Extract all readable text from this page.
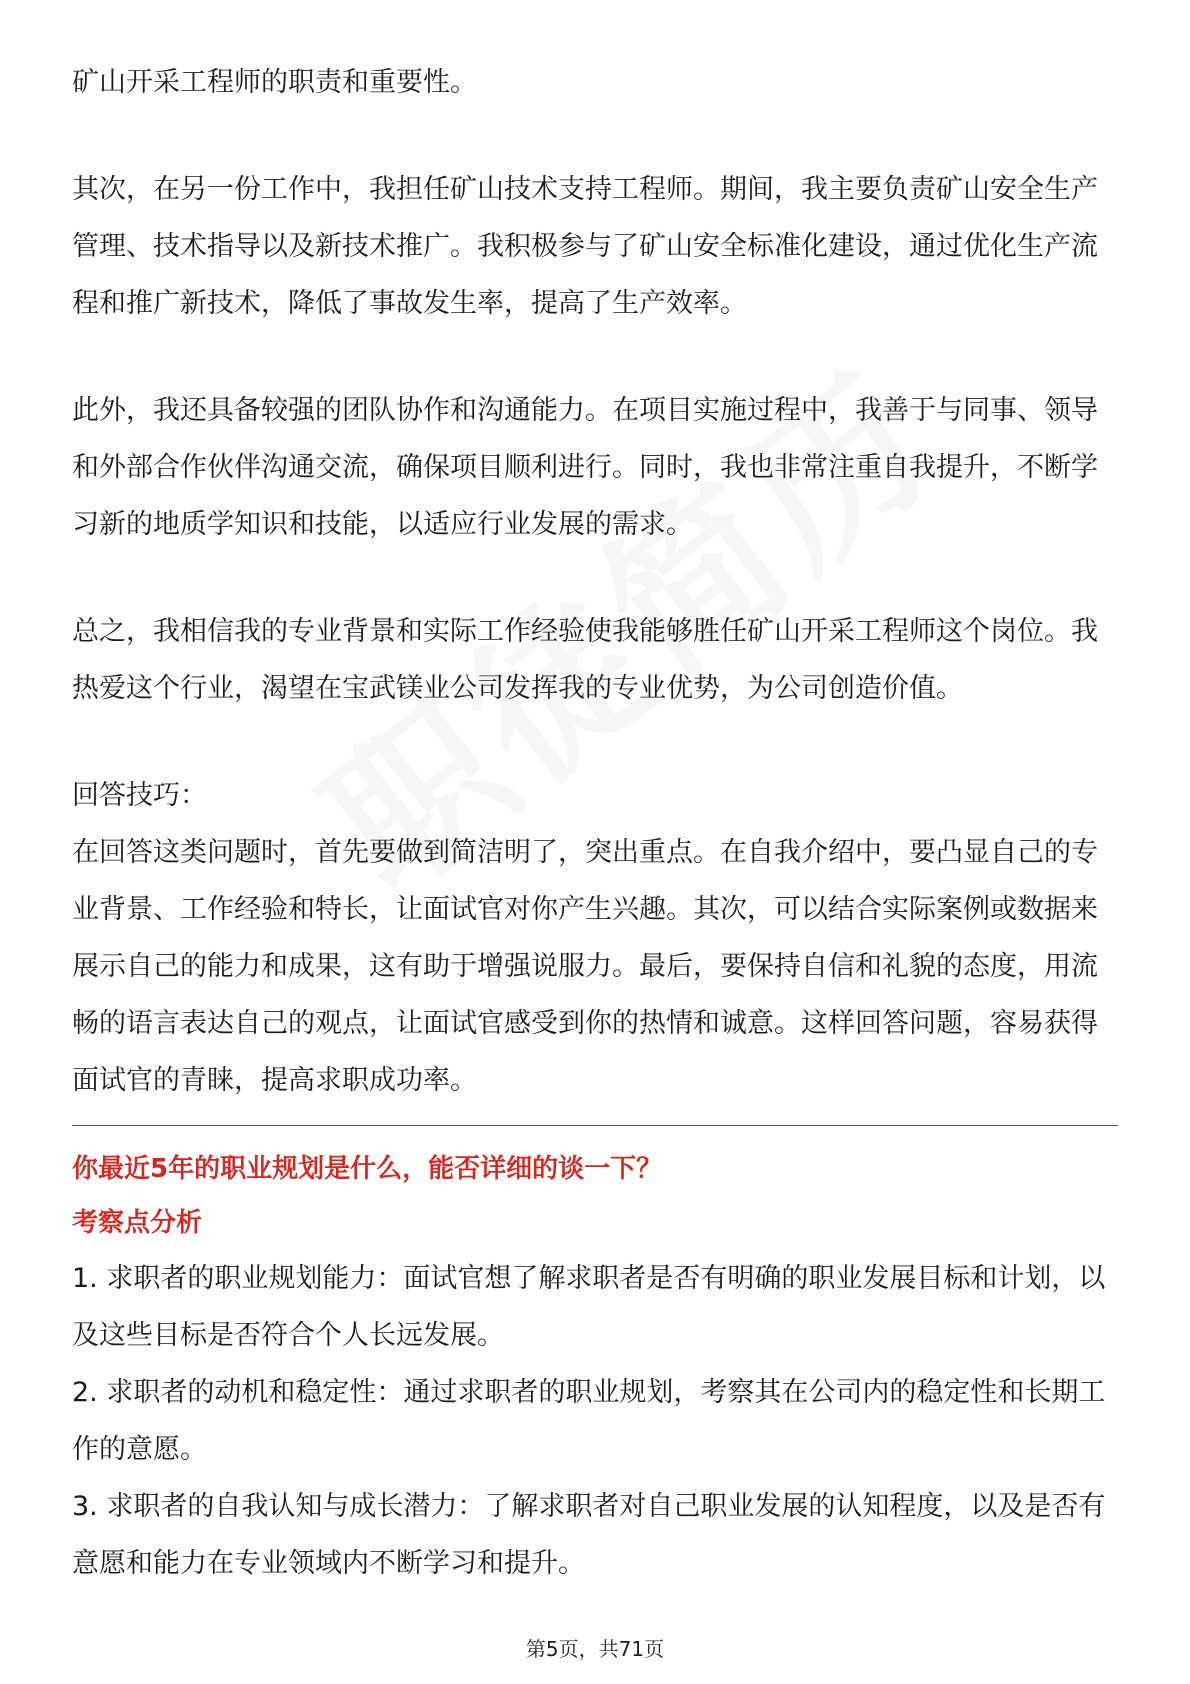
矿山开采工程师的职责和重要性。

其次，在另一份工作中，我担任矿山技术支持工程师。期间，我主要负责矿山安全生产管理、技术指导以及新技术推广。我积极参与了矿山安全标准化建设，通过优化生产流程和推广新技术，降低了事故发生率，提高了生产效率。

此外，我还具备较强的团队协作和沟通能力。在项目实施过程中，我善于与同事、领导和外部合作伙伴沟通交流，确保项目顺利进行。同时，我也非常注重自我提升，不断学习新的地质学知识和技能，以适应行业发展的需求。

总之，我相信我的专业背景和实际工作经验使我能够胜任矿山开采工程师这个岗位。我热爱这个行业，渴望在宝武镁业公司发挥我的专业优势，为公司创造价值。

回答技巧：

在回答这类问题时，首先要做到简洁明了，突出重点。在自我介绍中，要凸显自己的专业背景、工作经验和特长，让面试官对你产生兴趣。其次，可以结合实际案例或数据来展示自己的能力和成果，这有助于增强说服力。最后，要保持自信和礼貌的态度，用流畅的语言表达自己的观点，让面试官感受到你的热情和诚意。这样回答问题，容易获得面试官的青睐，提高求职成功率。

你最近5年的职业规划是什么，能否详细的谈一下？

考察点分析

1. 求职者的职业规划能力：面试官想了解求职者是否有明确的职业发展目标和计划，以及这些目标是否符合个人长远发展。

2. 求职者的动机和稳定性：通过求职者的职业规划，考察其在公司内的稳定性和长期工作的意愿。

3. 求职者的自我认知与成长潜力：了解求职者对自己职业发展的认知程度，以及是否有意愿和能力在专业领域内不断学习和提升。

第5页，共71页
